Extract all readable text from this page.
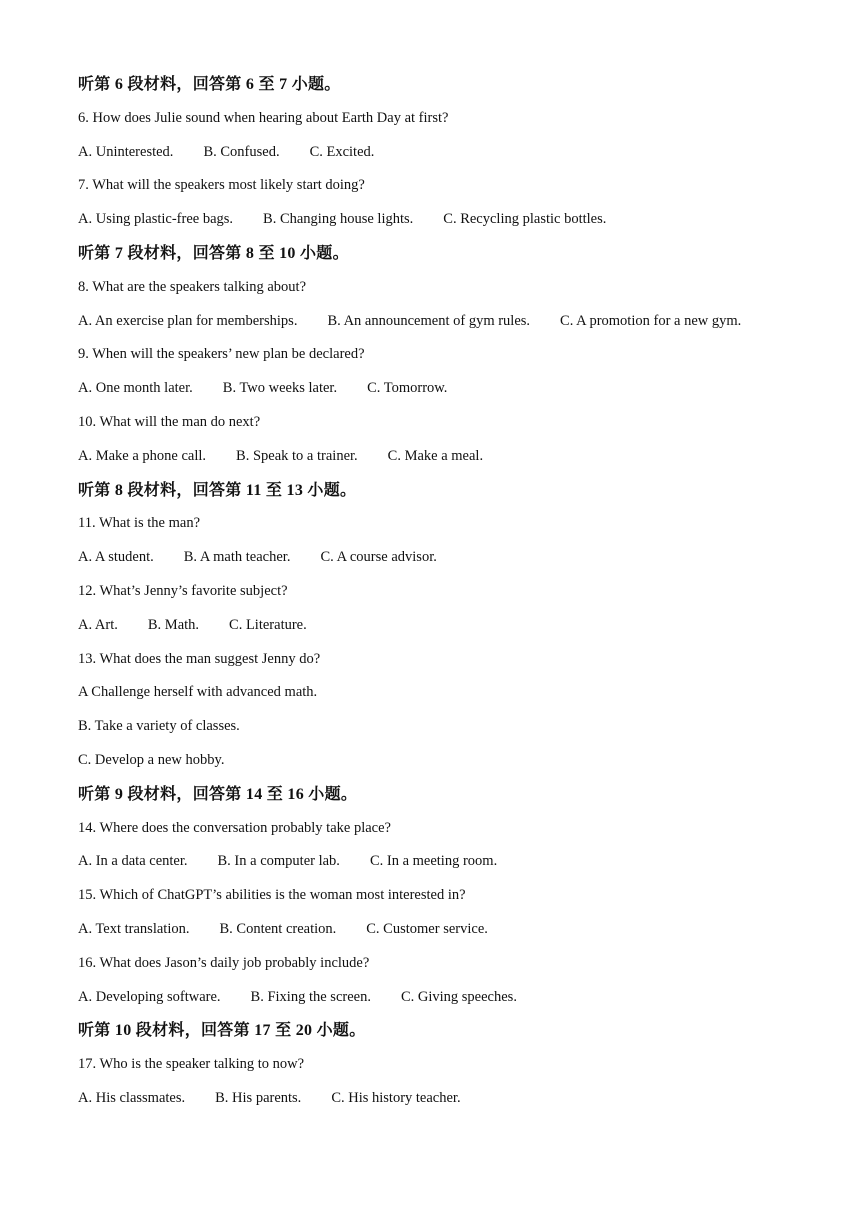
听第 6 段材料，回答第 6 至 7 小题。
6. How does Julie sound when hearing about Earth Day at first?
A. Uninterested. B. Confused. C. Excited.
7. What will the speakers most likely start doing?
A. Using plastic-free bags. B. Changing house lights. C. Recycling plastic bottles.
听第 7 段材料，回答第 8 至 10 小题。
8. What are the speakers talking about?
A. An exercise plan for memberships. B. An announcement of gym rules. C. A promotion for a new gym.
9. When will the speakers’ new plan be declared?
A. One month later. B. Two weeks later. C. Tomorrow.
10. What will the man do next?
A. Make a phone call. B. Speak to a trainer. C. Make a meal.
听第 8 段材料，回答第 11 至 13 小题。
11. What is the man?
A. A student. B. A math teacher. C. A course advisor.
12. What’s Jenny’s favorite subject?
A. Art. B. Math. C. Literature.
13. What does the man suggest Jenny do?
A Challenge herself with advanced math.
B. Take a variety of classes.
C. Develop a new hobby.
听第 9 段材料，回答第 14 至 16 小题。
14. Where does the conversation probably take place?
A. In a data center. B. In a computer lab. C. In a meeting room.
15. Which of ChatGPT’s abilities is the woman most interested in?
A. Text translation. B. Content creation. C. Customer service.
16. What does Jason’s daily job probably include?
A. Developing software. B. Fixing the screen. C. Giving speeches.
听第 10 段材料，回答第 17 至 20 小题。
17. Who is the speaker talking to now?
A. His classmates. B. His parents. C. His history teacher.
